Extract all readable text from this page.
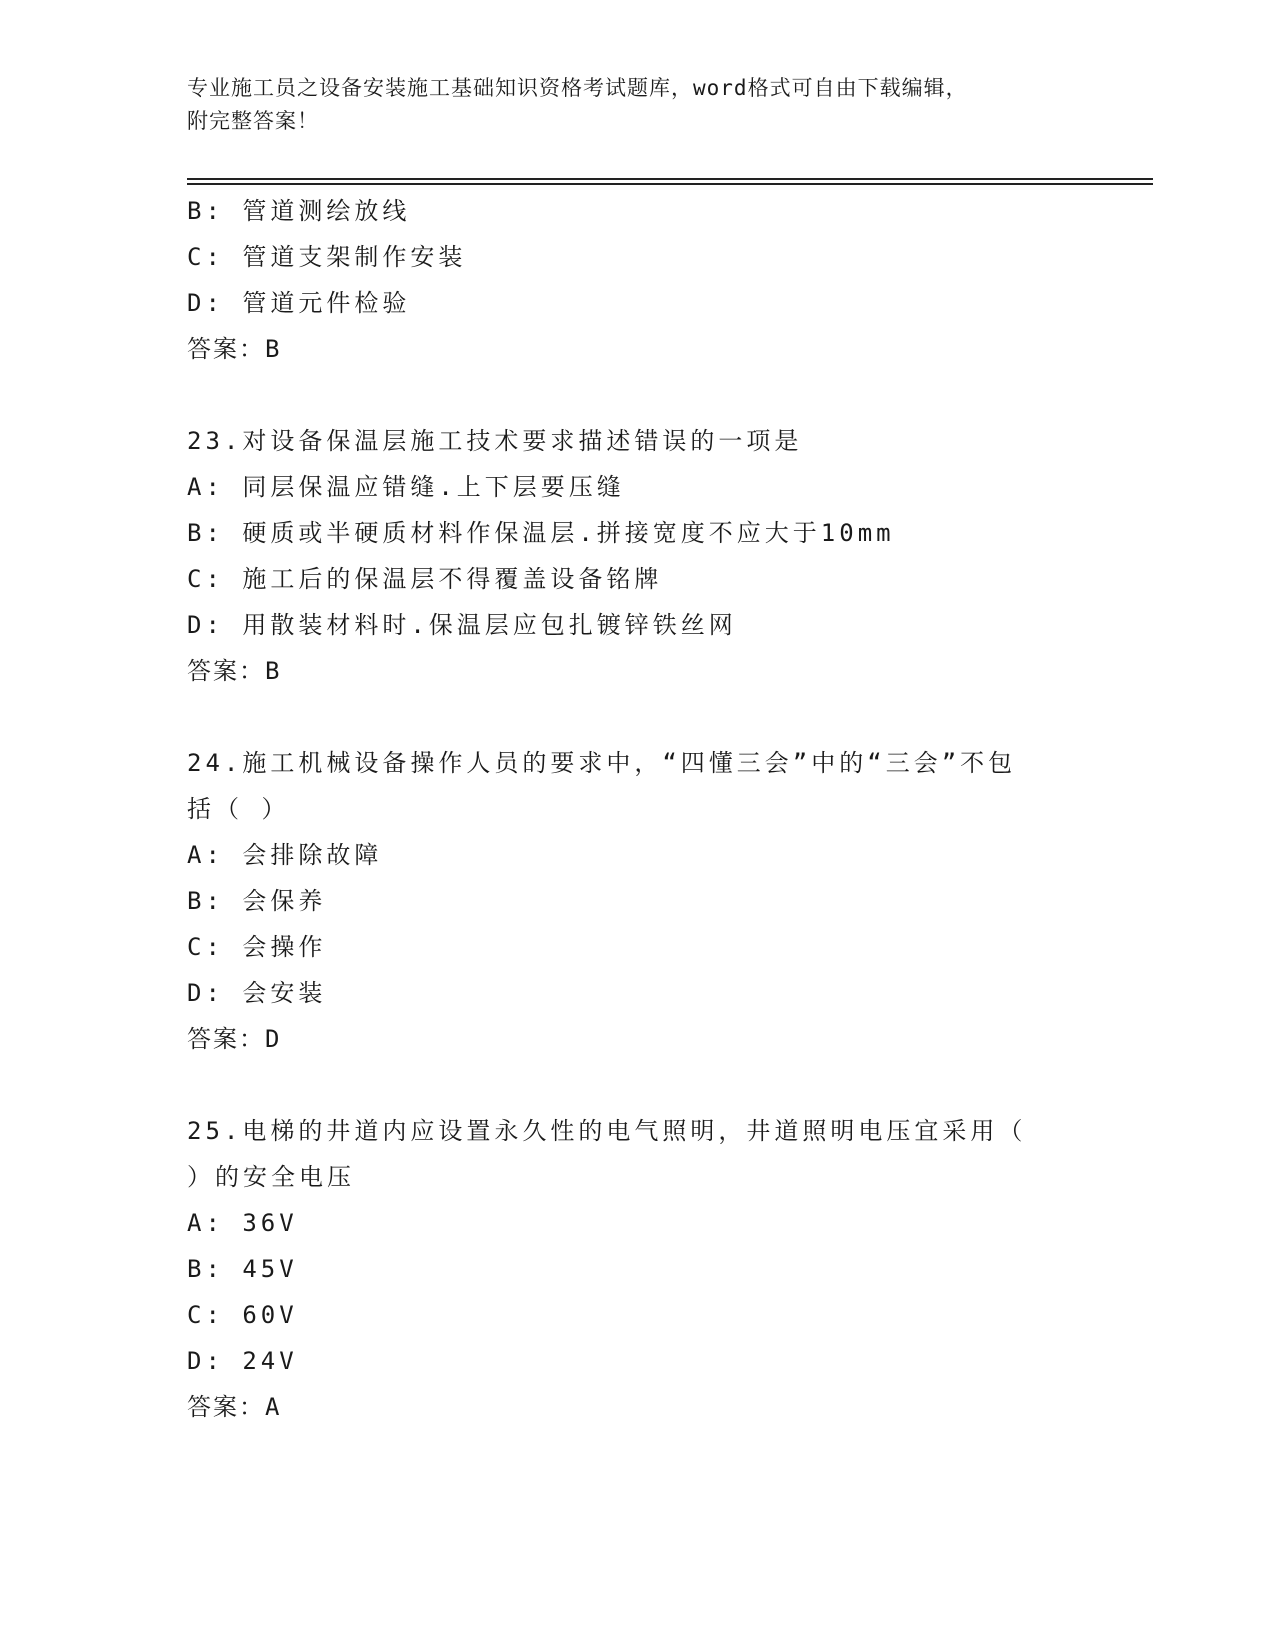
专业施工员之设备安装施工基础知识资格考试题库，word格式可自由下载编辑，
附完整答案！
B: 管道测绘放线
C: 管道支架制作安装
D: 管道元件检验
答案：B
23.对设备保温层施工技术要求描述错误的一项是
A: 同层保温应错缝.上下层要压缝
B: 硬质或半硬质材料作保温层.拼接宽度不应大于10mm
C: 施工后的保温层不得覆盖设备铭牌
D: 用散装材料时.保温层应包扎镀锌铁丝网
答案：B
24.施工机械设备操作人员的要求中，“四懂三会”中的“三会”不包
括（ ）
A: 会排除故障
B: 会保养
C: 会操作
D: 会安装
答案：D
25.电梯的井道内应设置永久性的电气照明，井道照明电压宜采用（
）的安全电压
A: 36V
B: 45V
C: 60V
D: 24V
答案：A
